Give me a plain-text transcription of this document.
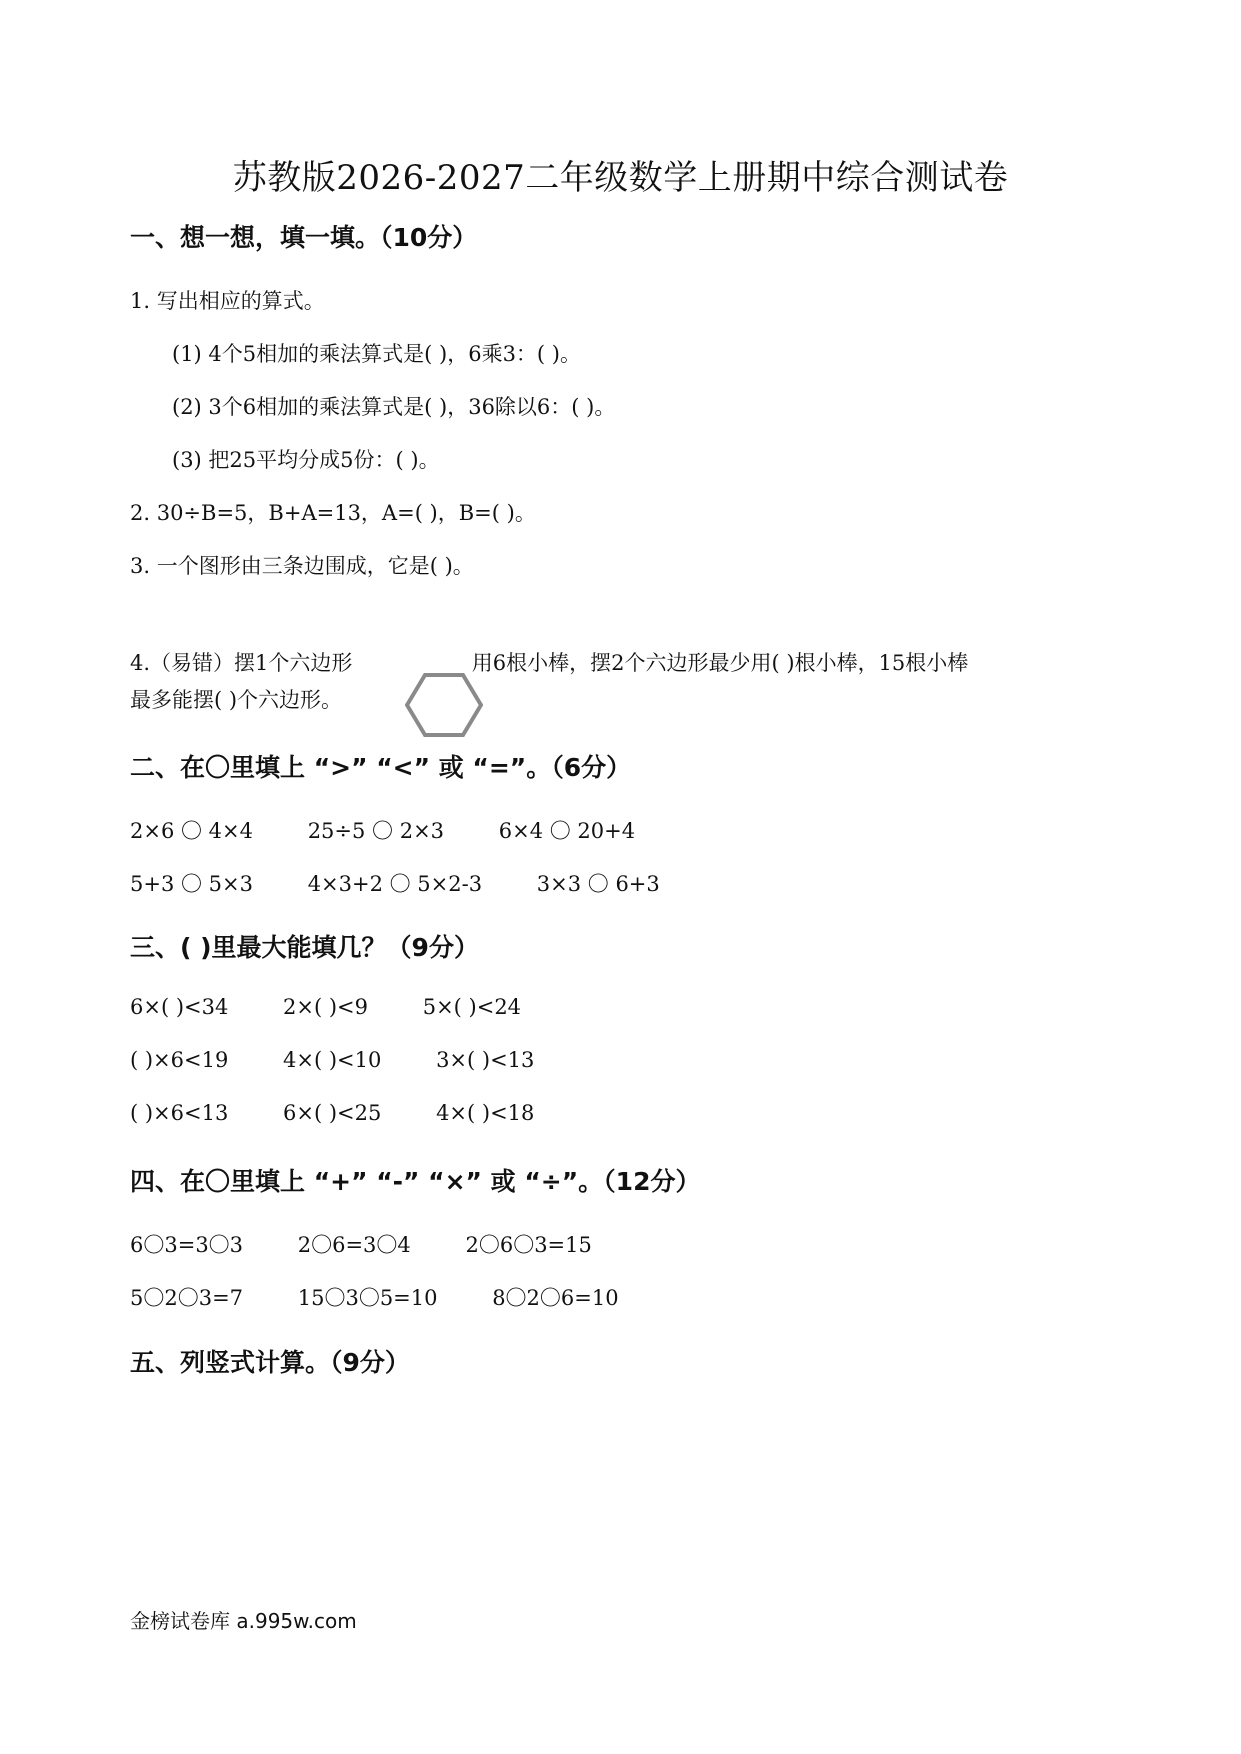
苏教版2026-2027二年级数学上册期中综合测试卷
一、想一想，填一填。（10分）
1. 写出相应的算式。
(1) 4个5相加的乘法算式是( )，6乘3：( )。
(2) 3个6相加的乘法算式是( )，36除以6：( )。
(3) 把25平均分成5份：( )。
2. 30÷B=5，B+A=13，A=( )，B=( )。
3. 一个图形由三条边围成，它是( )。
4.（易错）摆1个六边形	用6根小棒，摆2个六边形最少用( )根小棒，15根小棒
最多能摆( )个六边形。
二、在〇里填上 “>” “<” 或 “=”。（6分）
2×6 〇 4×4	25÷5 〇 2×3	6×4 〇 20+4
5+3 〇 5×3	4×3+2 〇 5×2-3	3×3 〇 6+3
三、( )里最大能填几？（9分）
6×( )<34	2×( )<9	5×( )<24
( )×6<19	4×( )<10	3×( )<13
( )×6<13	6×( )<25	4×( )<18
四、在〇里填上 “+” “-” “×” 或 “÷”。（12分）
6〇3=3〇3	2〇6=3〇4	2〇6〇3=15
5〇2〇3=7	15〇3〇5=10	8〇2〇6=10
五、列竖式计算。（9分）
金榜试卷库 a.995w.com
